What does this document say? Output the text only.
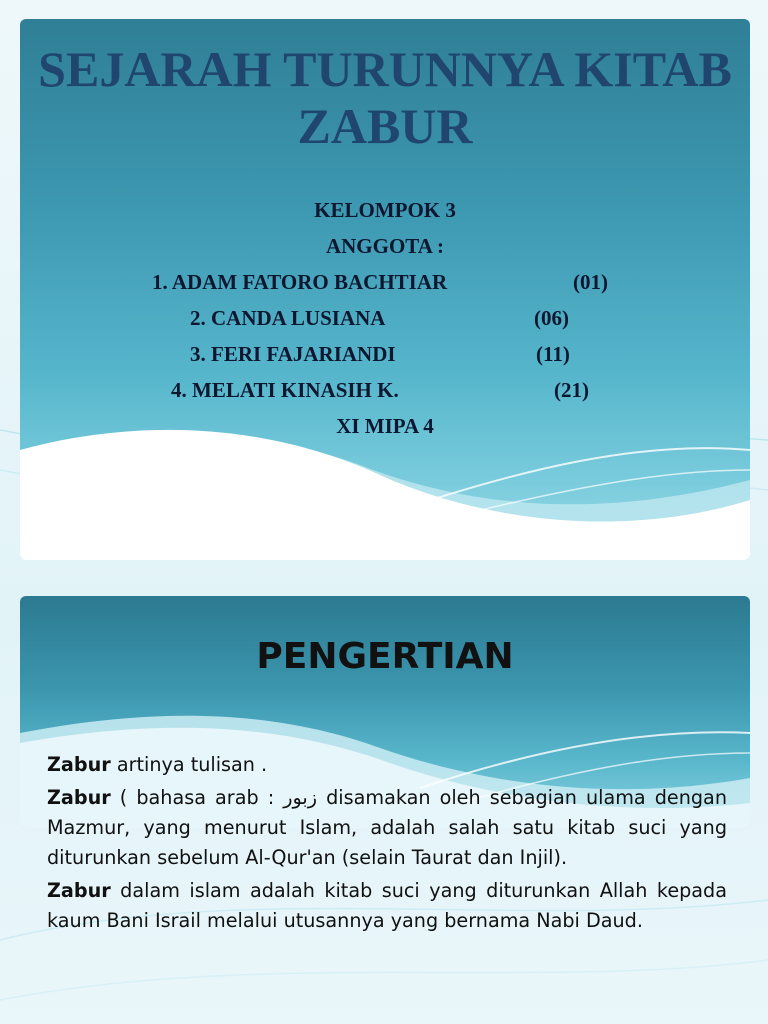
SEJARAH TURUNNYA KITAB
ZABUR
KELOMPOK 3
ANGGOTA :
1. ADAM FATORO BACHTIAR	(01)
2. CANDA LUSIANA	(06)
3. FERI FAJARIANDI	(11)
4. MELATI KINASIH K.	(21)
XI MIPA 4
PENGERTIAN

Zabur artinya tulisan .

Zabur ( bahasa arab : زبور disamakan oleh sebagian ulama dengan Mazmur, yang menurut Islam, adalah salah satu kitab suci yang diturunkan sebelum Al-Qur'an (selain Taurat dan Injil).

Zabur dalam islam adalah kitab suci yang diturunkan Allah kepada kaum Bani Israil melalui utusannya yang bernama Nabi Daud.
